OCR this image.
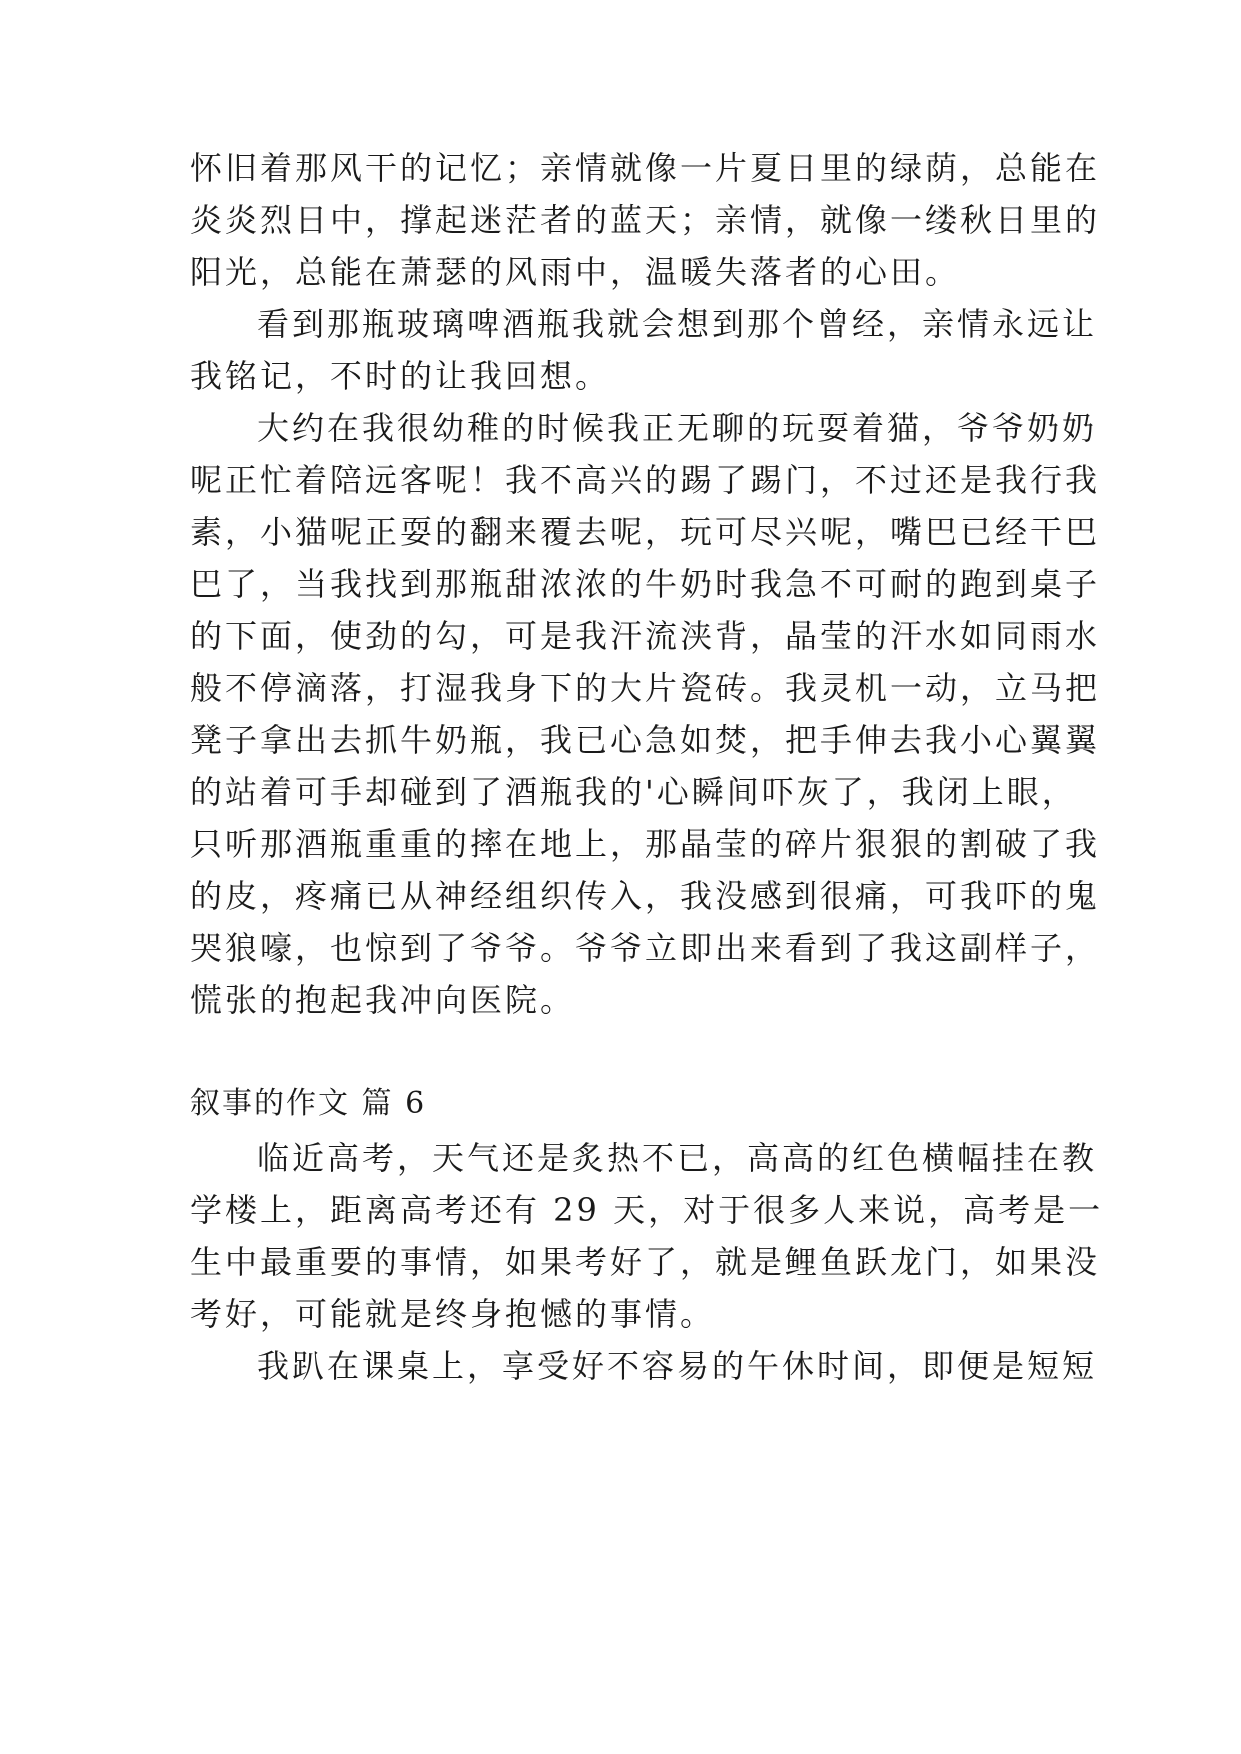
怀旧着那风干的记忆；亲情就像一片夏日里的绿荫，总能在
炎炎烈日中，撑起迷茫者的蓝天；亲情，就像一缕秋日里的
阳光，总能在萧瑟的风雨中，温暖失落者的心田。
看到那瓶玻璃啤酒瓶我就会想到那个曾经，亲情永远让
我铭记，不时的让我回想。
大约在我很幼稚的时候我正无聊的玩耍着猫，爷爷奶奶
呢正忙着陪远客呢！我不高兴的踢了踢门，不过还是我行我
素，小猫呢正耍的翻来覆去呢，玩可尽兴呢，嘴巴已经干巴
巴了，当我找到那瓶甜浓浓的牛奶时我急不可耐的跑到桌子
的下面，使劲的勾，可是我汗流浃背，晶莹的汗水如同雨水
般不停滴落，打湿我身下的大片瓷砖。我灵机一动，立马把
凳子拿出去抓牛奶瓶，我已心急如焚，把手伸去我小心翼翼
的站着可手却碰到了酒瓶我的'心瞬间吓灰了，我闭上眼，
只听那酒瓶重重的摔在地上，那晶莹的碎片狠狠的割破了我
的皮，疼痛已从神经组织传入，我没感到很痛，可我吓的鬼
哭狼嚎，也惊到了爷爷。爷爷立即出来看到了我这副样子，
慌张的抱起我冲向医院。
叙事的作文 篇 6
临近高考，天气还是炙热不已，高高的红色横幅挂在教
学楼上，距离高考还有 29 天，对于很多人来说，高考是一
生中最重要的事情，如果考好了，就是鲤鱼跃龙门，如果没
考好，可能就是终身抱憾的事情。
我趴在课桌上，享受好不容易的午休时间，即便是短短
